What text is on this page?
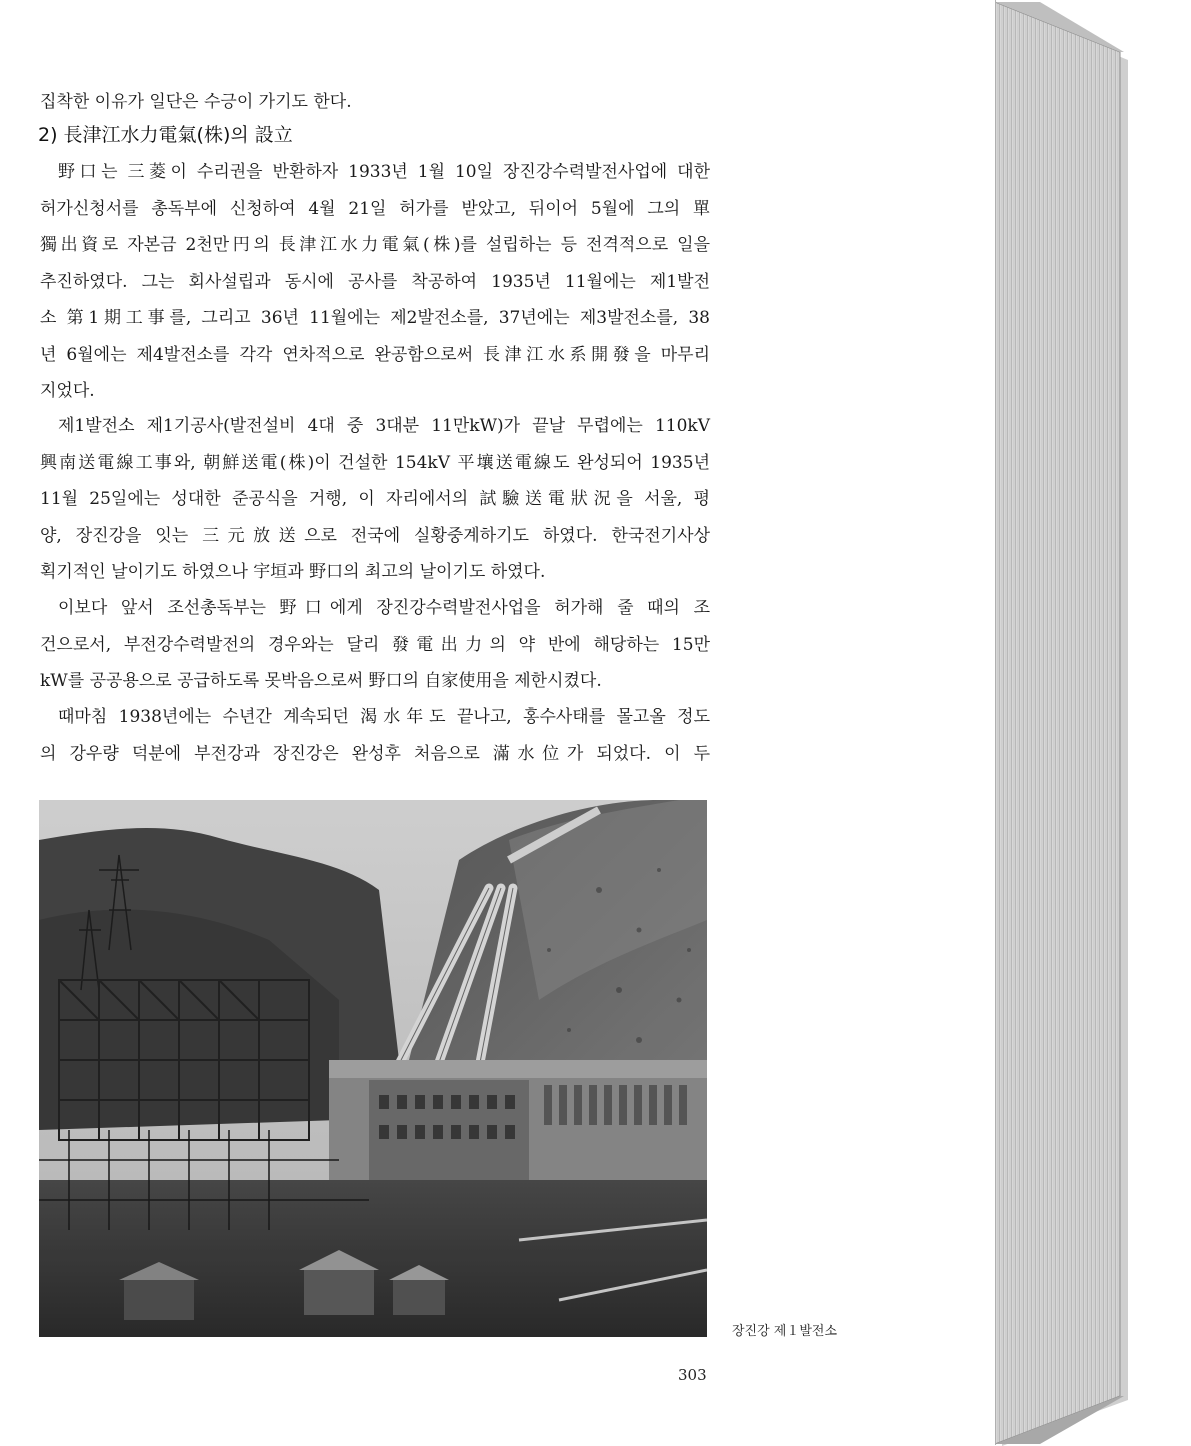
집착한 이유가 일단은 수긍이 가기도 한다.
2) 長津江水力電氣(株)의 設立
野口는 三菱이 수리권을 반환하자 1933년 1월 10일 장진강수력발전사업에 대한
허가신청서를 총독부에 신청하여 4월 21일 허가를 받았고, 뒤이어 5월에 그의 單
獨出資로 자본금 2천만円의 長津江水力電氣(株)를 설립하는 등 전격적으로 일을
추진하였다. 그는 회사설립과 동시에 공사를 착공하여 1935년 11월에는 제1발전
소 第1期工事를, 그리고 36년 11월에는 제2발전소를, 37년에는 제3발전소를, 38
년 6월에는 제4발전소를 각각 연차적으로 완공함으로써 長津江水系開發을 마무리
지었다.
제1발전소 제1기공사(발전설비 4대 중 3대분 11만kW)가 끝날 무렵에는 110kV
興南送電線工事와, 朝鮮送電(株)이 건설한 154kV 平壤送電線도 완성되어 1935년
11월 25일에는 성대한 준공식을 거행, 이 자리에서의 試驗送電狀況을 서울, 평
양, 장진강을 잇는 三元放送으로 전국에 실황중계하기도 하였다. 한국전기사상
획기적인 날이기도 하였으나 宇垣과 野口의 최고의 날이기도 하였다.
이보다 앞서 조선총독부는 野口에게 장진강수력발전사업을 허가해 줄 때의 조
건으로서, 부전강수력발전의 경우와는 달리 發電出力의 약 반에 해당하는 15만
kW를 공공용으로 공급하도록 못박음으로써 野口의 自家使用을 제한시켰다.
때마침 1938년에는 수년간 계속되던 渴水年도 끝나고, 홍수사태를 몰고올 정도
의 강우량 덕분에 부전강과 장진강은 완성후 처음으로 滿水位가 되었다. 이 두
장진강 제１발전소
303
